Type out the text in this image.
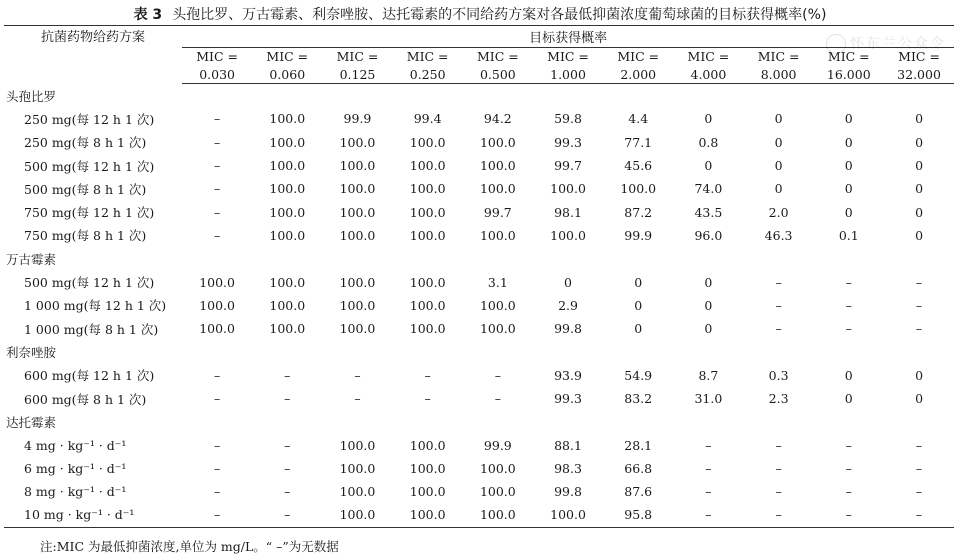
表 3 头孢比罗、万古霉素、利奈唑胺、达托霉素的不同给药方案对各最低抑菌浓度葡萄球菌的目标获得概率(%)
怀东兰公众令
抗菌药物给药方案	目标获得概率										
	MIC =	MIC =	MIC =	MIC =	MIC =	MIC =	MIC =	MIC =	MIC =	MIC =	MIC =
	0.030	0.060	0.125	0.250	0.500	1.000	2.000	4.000	8.000	16.000	32.000
头孢比罗											
250 mg(每 12 h 1 次)	–	100.0	99.9	99.4	94.2	59.8	4.4	0	0	0	0
250 mg(每 8 h 1 次)	–	100.0	100.0	100.0	100.0	99.3	77.1	0.8	0	0	0
500 mg(每 12 h 1 次)	–	100.0	100.0	100.0	100.0	99.7	45.6	0	0	0	0
500 mg(每 8 h 1 次)	–	100.0	100.0	100.0	100.0	100.0	100.0	74.0	0	0	0
750 mg(每 12 h 1 次)	–	100.0	100.0	100.0	99.7	98.1	87.2	43.5	2.0	0	0
750 mg(每 8 h 1 次)	–	100.0	100.0	100.0	100.0	100.0	99.9	96.0	46.3	0.1	0
万古霉素											
500 mg(每 12 h 1 次)	100.0	100.0	100.0	100.0	3.1	0	0	0	–	–	–
1 000 mg(每 12 h 1 次)	100.0	100.0	100.0	100.0	100.0	2.9	0	0	–	–	–
1 000 mg(每 8 h 1 次)	100.0	100.0	100.0	100.0	100.0	99.8	0	0	–	–	–
利奈唑胺											
600 mg(每 12 h 1 次)	–	–	–	–	–	93.9	54.9	8.7	0.3	0	0
600 mg(每 8 h 1 次)	–	–	–	–	–	99.3	83.2	31.0	2.3	0	0
达托霉素											
4 mg · kg⁻¹ · d⁻¹	–	–	100.0	100.0	99.9	88.1	28.1	–	–	–	–
6 mg · kg⁻¹ · d⁻¹	–	–	100.0	100.0	100.0	98.3	66.8	–	–	–	–
8 mg · kg⁻¹ · d⁻¹	–	–	100.0	100.0	100.0	99.8	87.6	–	–	–	–
10 mg · kg⁻¹ · d⁻¹	–	–	100.0	100.0	100.0	100.0	95.8	–	–	–	–
注:MIC 为最低抑菌浓度,单位为 mg/L。“ –”为无数据
